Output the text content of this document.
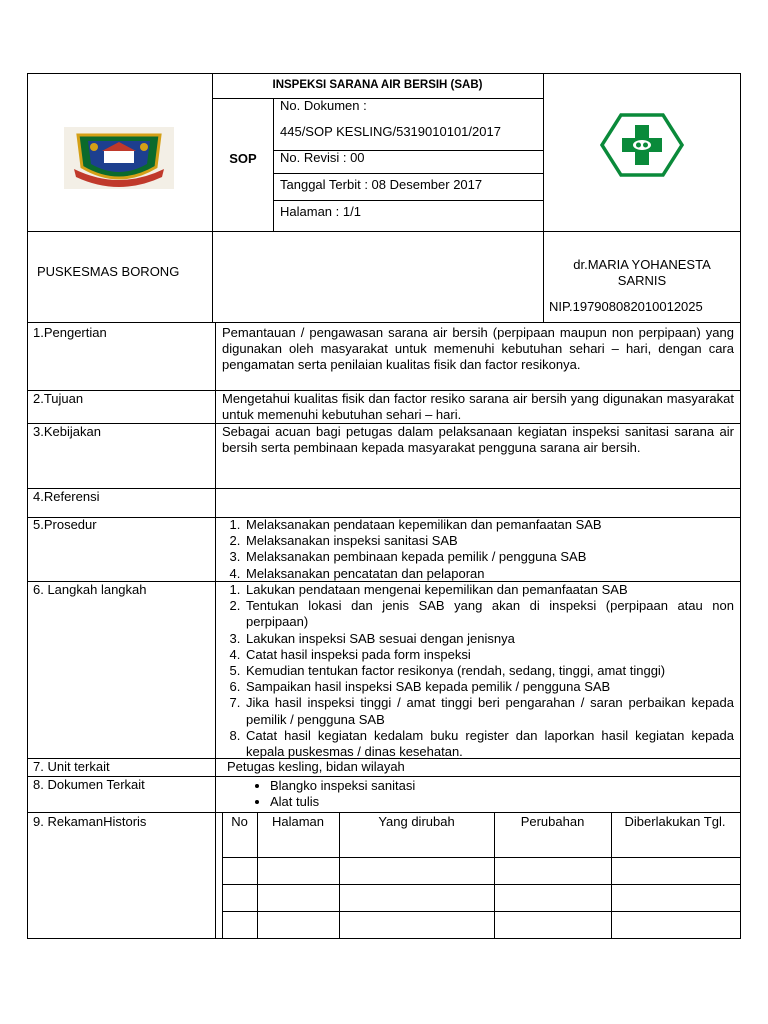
INSPEKSI SARANA AIR BERSIH (SAB)
SOP
No. Dokumen :
445/SOP KESLING/5319010101/2017
No. Revisi : 00
Tanggal Terbit : 08 Desember 2017
Halaman : 1/1
PUSKESMAS BORONG	dr.MARIA YOHANESTA
SARNIS
NIP.197908082010012025
1.Pengertian	Pemantauan / pengawasan sarana air bersih (perpipaan maupun non perpipaan) yang digunakan oleh masyarakat untuk memenuhi kebutuhan sehari – hari, dengan cara pengamatan serta penilaian kualitas fisik dan factor resikonya.
2.Tujuan	Mengetahui kualitas fisik dan factor resiko sarana air bersih yang digunakan masyarakat untuk memenuhi kebutuhan sehari – hari.
3.Kebijakan	Sebagai acuan bagi petugas dalam pelaksanaan kegiatan inspeksi sanitasi sarana air bersih serta pembinaan kepada masyarakat pengguna sarana air bersih.
4.Referensi
5.Prosedur	1. Melaksanakan pendataan kepemilikan dan pemanfaatan SAB
2. Melaksanakan inspeksi sanitasi SAB
3. Melaksanakan pembinaan kepada pemilik / pengguna SAB
4. Melaksanakan pencatatan dan pelaporan
6. Langkah langkah	1. Lakukan pendataan mengenai kepemilikan dan pemanfaatan SAB
2. Tentukan lokasi dan jenis SAB yang akan di inspeksi (perpipaan atau non perpipaan)
3. Lakukan inspeksi SAB sesuai dengan jenisnya
4. Catat hasil inspeksi pada form inspeksi
5. Kemudian tentukan factor resikonya (rendah, sedang, tinggi, amat tinggi)
6. Sampaikan hasil inspeksi SAB kepada pemilik / pengguna SAB
7. Jika hasil inspeksi tinggi / amat tinggi beri pengarahan / saran perbaikan kepada pemilik / pengguna SAB
8. Catat hasil kegiatan kedalam buku register dan laporkan hasil kegiatan kepada kepala puskesmas / dinas kesehatan.
7. Unit terkait	Petugas kesling, bidan wilayah
8. Dokumen Terkait	• Blangko inspeksi sanitasi
• Alat tulis
9. RekamanHistoris	No	Halaman	Yang dirubah	Perubahan	Diberlakukan Tgl.
